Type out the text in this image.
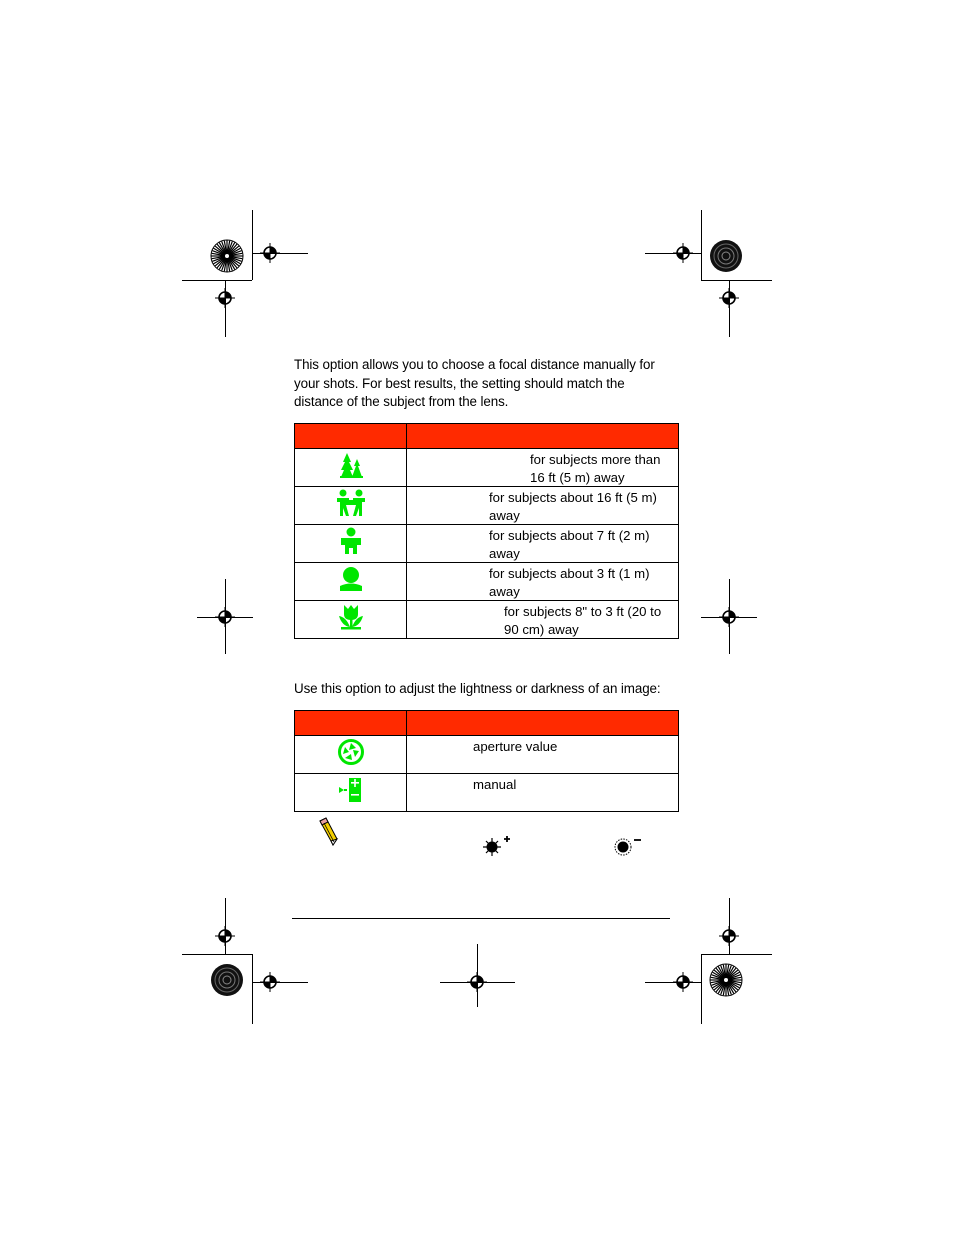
This option allows you to choose a focal distance manually for your shots. For best results, the setting should match the distance of the subject from the lens.

for subjects more than 16 ft (5 m) away

for subjects about 16 ft (5 m) away

for subjects about 7 ft (2 m) away

for subjects about 3 ft (1 m) away

for subjects 8" to 3 ft (20 to 90 cm) away
Use this option to adjust the lightness or darkness of an image:

aperture value

manual
